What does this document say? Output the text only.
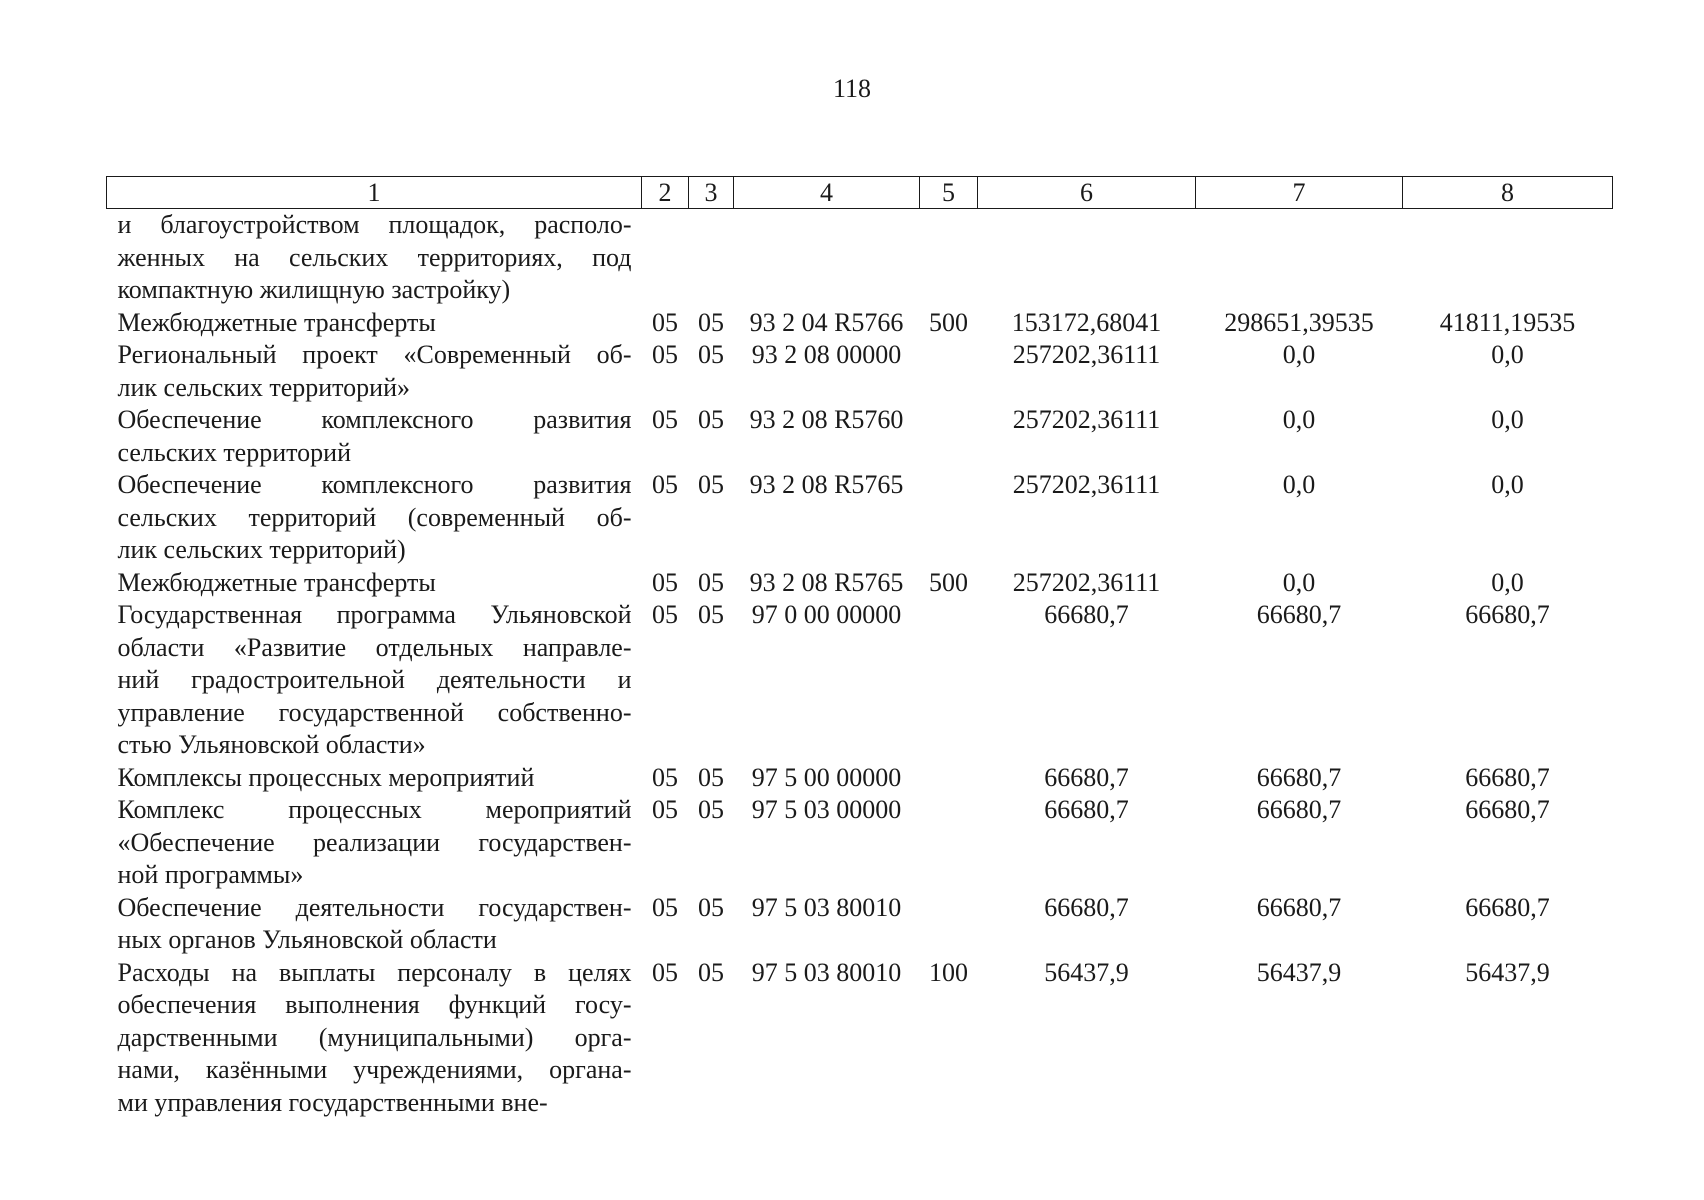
118
1	2	3	4	5	6	7	8

и благоустройством площадок, располо-
женных на сельских территориях, под
компактную жилищную застройку)							

Межбюджетные трансферты	05	05	93 2 04 R5766	500	153172,68041	298651,39535	41811,19535

Региональный проект «Современный об-
лик сельских территорий»	05	05	93 2 08 00000		257202,36111	0,0	0,0

Обеспечение комплексного развития
сельских территорий	05	05	93 2 08 R5760		257202,36111	0,0	0,0

Обеспечение комплексного развития
сельских территорий (современный об-
лик сельских территорий)	05	05	93 2 08 R5765		257202,36111	0,0	0,0

Межбюджетные трансферты	05	05	93 2 08 R5765	500	257202,36111	0,0	0,0

Государственная программа Ульяновской
области «Развитие отдельных направле-
ний градостроительной деятельности и
управление государственной собственно-
стью Ульяновской области»	05	05	97 0 00 00000		66680,7	66680,7	66680,7

Комплексы процессных мероприятий	05	05	97 5 00 00000		66680,7	66680,7	66680,7

Комплекс процессных мероприятий
«Обеспечение реализации государствен-
ной программы»	05	05	97 5 03 00000		66680,7	66680,7	66680,7

Обеспечение деятельности государствен-
ных органов Ульяновской области	05	05	97 5 03 80010		66680,7	66680,7	66680,7

Расходы на выплаты персоналу в целях
обеспечения выполнения функций госу-
дарственными (муниципальными) орга-
нами, казёнными учреждениями, органа-
ми управления государственными вне-	05	05	97 5 03 80010	100	56437,9	56437,9	56437,9
